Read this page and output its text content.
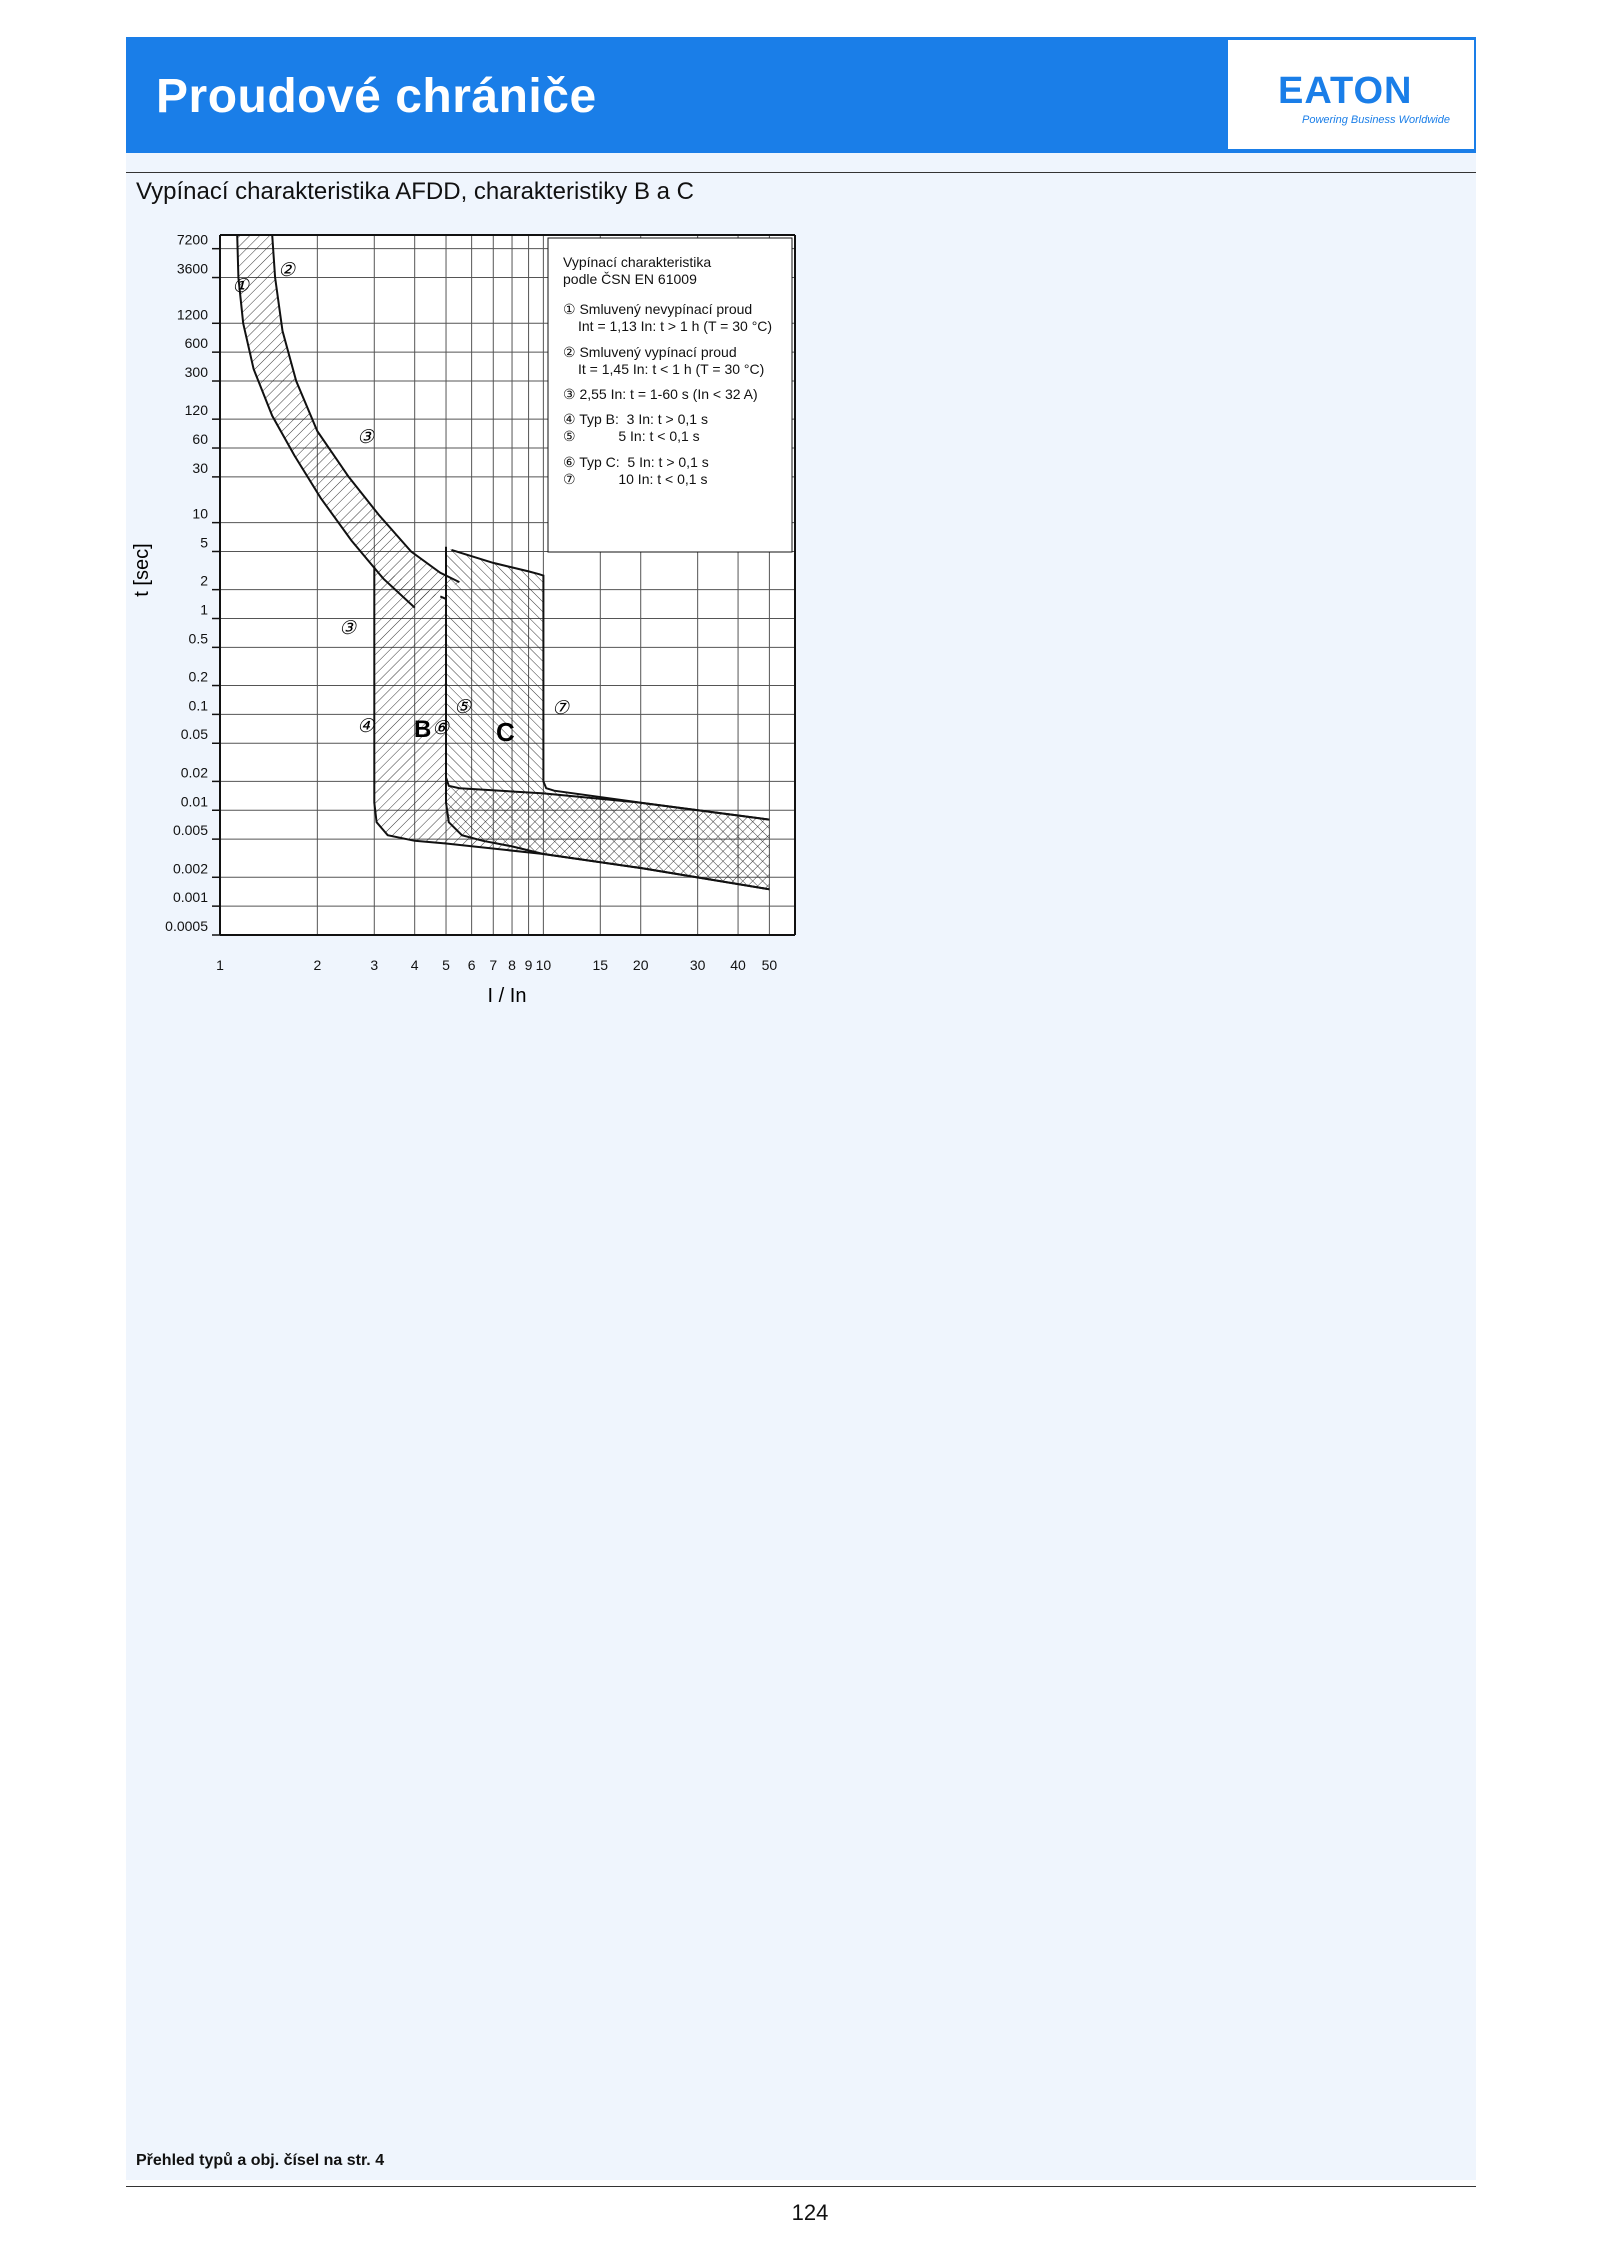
Proudové chrániče	EATON
Powering Business Worldwide
Vypínací charakteristika AFDD, charakteristiky B a C
7200
3600
1200
600
300
120
60
30
10
5
2
1
0.5
0.2
0.1
0.05
0.02
0.01
0.005
0.002
0.001
0.0005
1	2	3 4 5 6 7 8 9 10	15 20	30 40 50
Vypínací charakteristika
podle ČSN EN 61009
① Smluvený nevypínací proud
Int = 1,13 In: t > 1 h (T = 30 °C)
② Smluvený vypínací proud
It = 1,45 In: t < 1 h (T = 30 °C)
③ 2,55 In: t = 1-60 s (In < 32 A)
④ Typ B:  3 In: t > 0,1 s
⑤           5 In: t < 0,1 s
⑥ Typ C:  5 In: t > 0,1 s
⑦           10 In: t < 0,1 s
t [sec]
I / In
①
②
③
③
④
⑤
⑥
⑦
B C
Přehled typů a obj. čísel na str. 4
124
